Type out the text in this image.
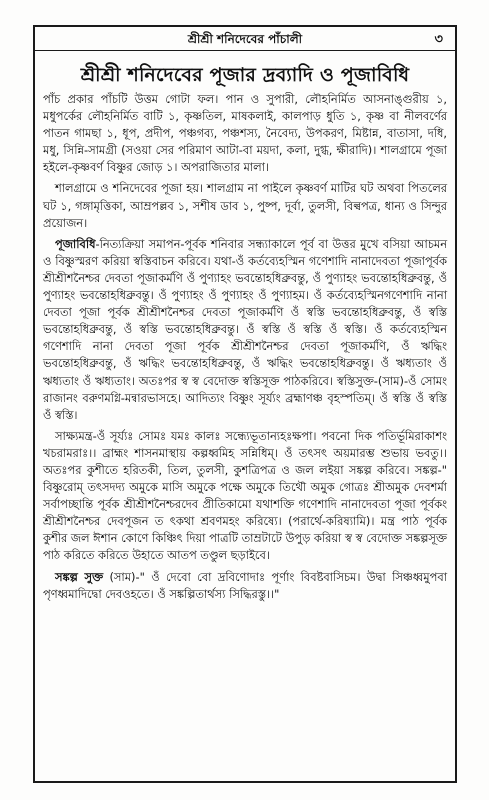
শ্রীশ্রী শনিদেবের পাঁচালী	৩
শ্রীশ্রী শনিদেবের পূজার দ্রব্যাদি ও পূজাবিধি

পাঁচ প্রকার পাঁচটি উত্তম গোটা ফল। পান ও সুপারী, লৌহনির্মিত আসনাঙ্গুরীয় ১, মধুপর্কের লৌহনির্মিত বাটি ১, কৃষ্ণতিল, মাষকলাই, কালপাড় ধুতি ১, কৃষ্ণ বা নীলবর্ণের পাতন গামছা ১, ধূপ, প্রদীপ, পঞ্চগব্য, পঞ্চশস্য, নৈবেদ্য, উপকরণ, মিষ্টান্ন, বাতাসা, দধি, মধু, সিন্নি-সামগ্রী (সওয়া সের পরিমাণ আটা-বা ময়দা, কলা, দুগ্ধ, ক্ষীরাদি)। শালগ্রামে পূজা হইলে-কৃষ্ণবর্ণ বিষ্ণুর জোড় ১। অপরাজিতার মালা।

শালগ্রামে ও শনিদেবের পূজা হয়। শালগ্রাম না পাইলে কৃষ্ণবর্ণ মাটির ঘট অথবা পিতলের ঘট ১, গঙ্গামৃত্তিকা, আম্রপল্লব ১, সশীষ ডাব ১, পুষ্প, দূর্বা, তুলসী, বিল্বপত্র, ধান্য ও সিন্দুর প্রয়োজন।

পূজাবিধি-নিত্যক্রিয়া সমাপন-পূর্বক শনিবার সন্ধ্যাকালে পূর্ব বা উত্তর মুখে বসিয়া আচমন ও বিষ্ণুস্মরণ করিয়া স্বস্তিবাচন করিবে। যথা-ওঁ কর্তব্যেহস্মিন গণেশাদি নানাদেবতা পূজাপূর্বক শ্রীশ্রীশনৈশ্চর দেবতা পূজাকর্মণি ওঁ পুণ্যাহং ভবন্তোহধিব্রুবন্তু, ওঁ পুণ্যাহং ভবন্তোহধিব্রুবন্তু, ওঁ পুণ্যাহং ভবন্তোহধিব্রুবন্তু। ওঁ পুণ্যাহং ওঁ পুণ্যাহং ওঁ পুণ্যাহম। ওঁ কর্তব্যেহস্মিনগণেশাদি নানা দেবতা পূজা পূর্বক শ্রীশ্রীশনৈশ্চর দেবতা পূজাকর্মণি ওঁ স্বস্তি ভবন্তোহধিব্রুবন্তু, ওঁ স্বস্তি ভবন্তোহধিব্রুবন্তু, ওঁ স্বস্তি ভবন্তোহধিব্রুবন্তু। ওঁ স্বস্তি ওঁ স্বস্তি ওঁ স্বস্তি। ওঁ কর্তব্যেহস্মিন গণেশাদি নানা দেবতা পূজা পূর্বক শ্রীশ্রীশনৈশ্চর দেবতা পূজাকর্মণি, ওঁ ঋদ্ধিং ভবন্তোহধিব্রুবন্তু, ওঁ ঋদ্ধিং ভবন্তোহধিব্রুবন্তু, ওঁ ঋদ্ধিং ভবন্তোহধিব্রুবন্তু। ওঁ ঋধ্যতাং ওঁ ঋধ্যতাং ওঁ ঋধ্যতাং। অতঃপর স্ব স্ব বেদোক্ত স্বস্তিসূক্ত পাঠকরিবে। স্বস্তিসুক্ত-(সাম)-ওঁ সোমং রাজানং বরুণমগ্নি-মন্বারভাসহে। আদিত্যং বিষ্ণুং সূর্য্যং ব্রহ্মাণঞ্চ বৃহস্পতিম্। ওঁ স্বস্তি ওঁ স্বস্তি ওঁ স্বস্তি।

সাক্ষ্যমন্ত্র-ওঁ সূর্য্যঃ সোমঃ যমঃ কালঃ সন্ধ্যেভূতান্যহঃক্ষপা। পবনো দিক পতির্ভূমিরাকাশং খচরামরাঃ।। ব্রাহ্মং শাসনমাস্থায় কল্পধ্বমিহ সন্নিধিম্। ওঁ তৎসৎ অয়মারম্ভ শুভায় ভবতু।। অতঃপর কুশীতে হরিতকী, তিল, তুলসী, কুশত্রিপত্র ও জল লইয়া সঙ্কল্প করিবে। সঙ্কল্প-" বিষ্ণুরোম্ তৎসদদ্য অমুকে মাসি অমুকে পক্ষে অমুকে তিথৌ অমুক গোত্রঃ শ্রীঅমুক দেবশর্মা সর্বাপচ্ছান্তি পূর্বক শ্রীশ্রীশনৈশ্চরদেব প্রীতিকামো যথাশক্তি গণেশাদি নানাদেবতা পূজা পূর্বকং শ্রীশ্রীশনৈশ্চর দেবপূজন ত ৎকথা শ্রবণমহং করিষ্যে। (পরার্থে-করিষ্যামি)। মন্ত্র পাঠ পূর্বক কুশীর জল ঈশান কোণে কিঞ্চিৎ দিয়া পাত্রটি তাম্রটাটে উপুড় করিয়া স্ব স্ব বেদোক্ত সঙ্কল্পসূক্ত পাঠ করিতে করিতে উহাতে আতপ তণ্ডুল ছড়াইবে।

সঙ্কল্প সুক্ত (সাম)-" ওঁ দেবো বো দ্রবিণোদাঃ পূর্ণাং বিবষ্টবাসিচম। উদ্বা সিঞ্চধ্বমুপবা পৃণধ্বমাদিদ্বো দেবওহতে। ওঁ সঙ্কল্পিতার্থস্য সিদ্ধিরস্তু।।"
